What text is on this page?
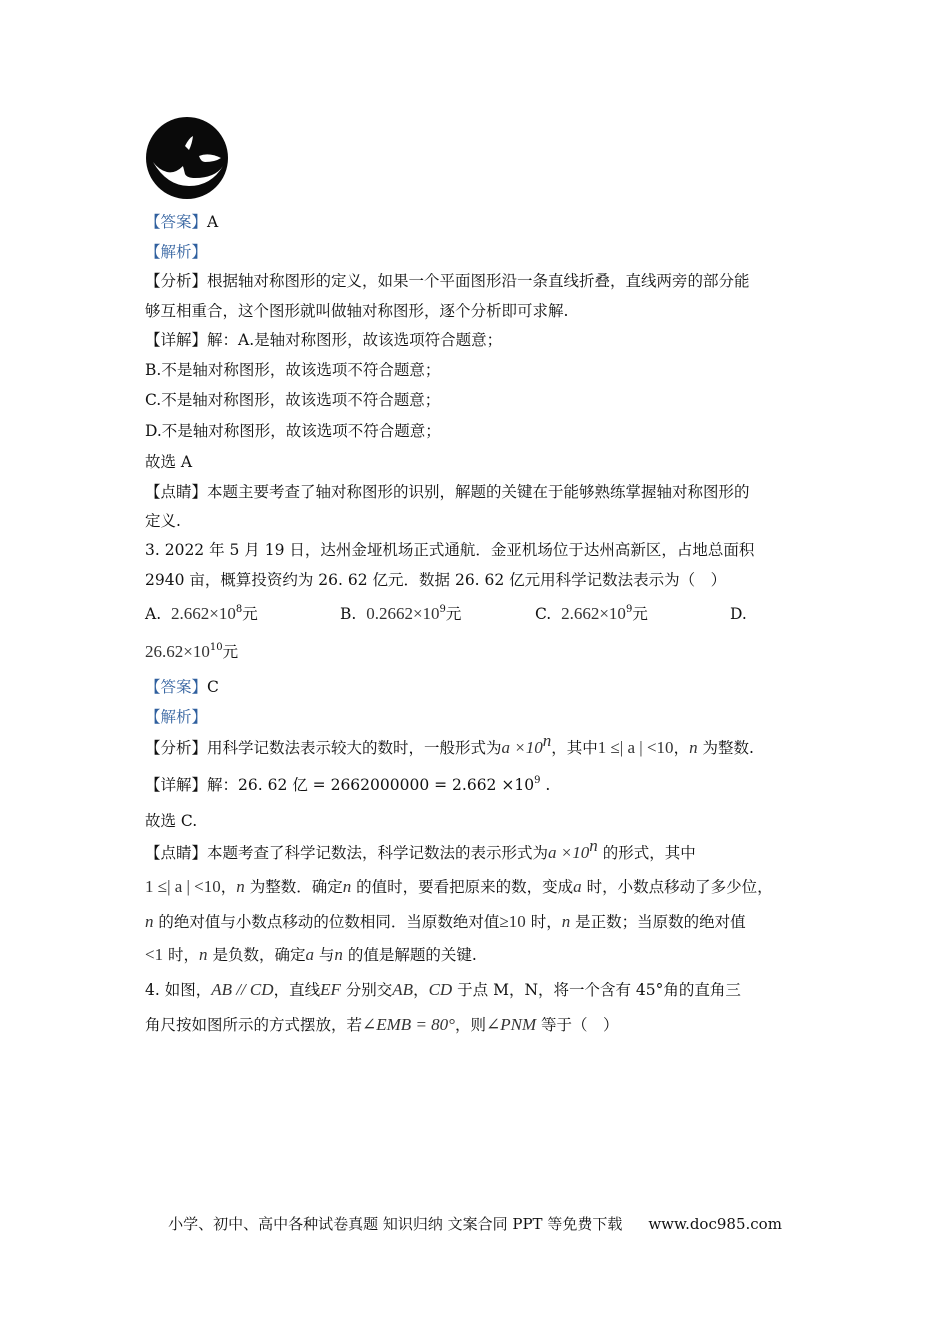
【答案】A
【解析】
【分析】根据轴对称图形的定义，如果一个平面图形沿一条直线折叠，直线两旁的部分能
够互相重合，这个图形就叫做轴对称图形，逐个分析即可求解.
【详解】解：A.是轴对称图形，故该选项符合题意；
B.不是轴对称图形，故该选项不符合题意；
C.不是轴对称图形，故该选项不符合题意；
D.不是轴对称图形，故该选项不符合题意；
故选 A
【点睛】本题主要考查了轴对称图形的识别，解题的关键在于能够熟练掌握轴对称图形的
定义.
3. 2022 年 5 月 19 日，达州金垭机场正式通航．金亚机场位于达州高新区，占地总面积
2940 亩，概算投资约为 26. 62 亿元．数据 26. 62 亿元用科学记数法表示为（　）
A. $2.662\times 10^8$元	B. $0.2662\times 10^9$元	C. $2.662\times 10^9$元	D.
$26.62\times 10^{10}$元
【答案】C
【解析】
【分析】用科学记数法表示较大的数时，一般形式为$a \times 10^n$，其中1 ≤| a | <10，n 为整数.
【详解】解：26. 62 亿 = $2662000000 = 2.662 \times 10^9$ .
故选 C.
【点睛】本题考查了科学记数法，科学记数法的表示形式为$a \times 10^n$ 的形式，其中
1 ≤| a | <10，n 为整数．确定n 的值时，要看把原来的数，变成a 时，小数点移动了多少位，
n 的绝对值与小数点移动的位数相同．当原数绝对值≥10 时，n 是正数；当原数的绝对值
<1 时，n 是负数，确定a 与n 的值是解题的关键.
4. 如图，AB // CD，直线EF 分别交AB，CD 于点 M，N，将一个含有 45°角的直角三
角尺按如图所示的方式摆放，若∠EMB = 80°，则∠PNM 等于（　）
小学、初中、高中各种试卷真题 知识归纳 文案合同 PPT 等免费下载 www.doc985.com
